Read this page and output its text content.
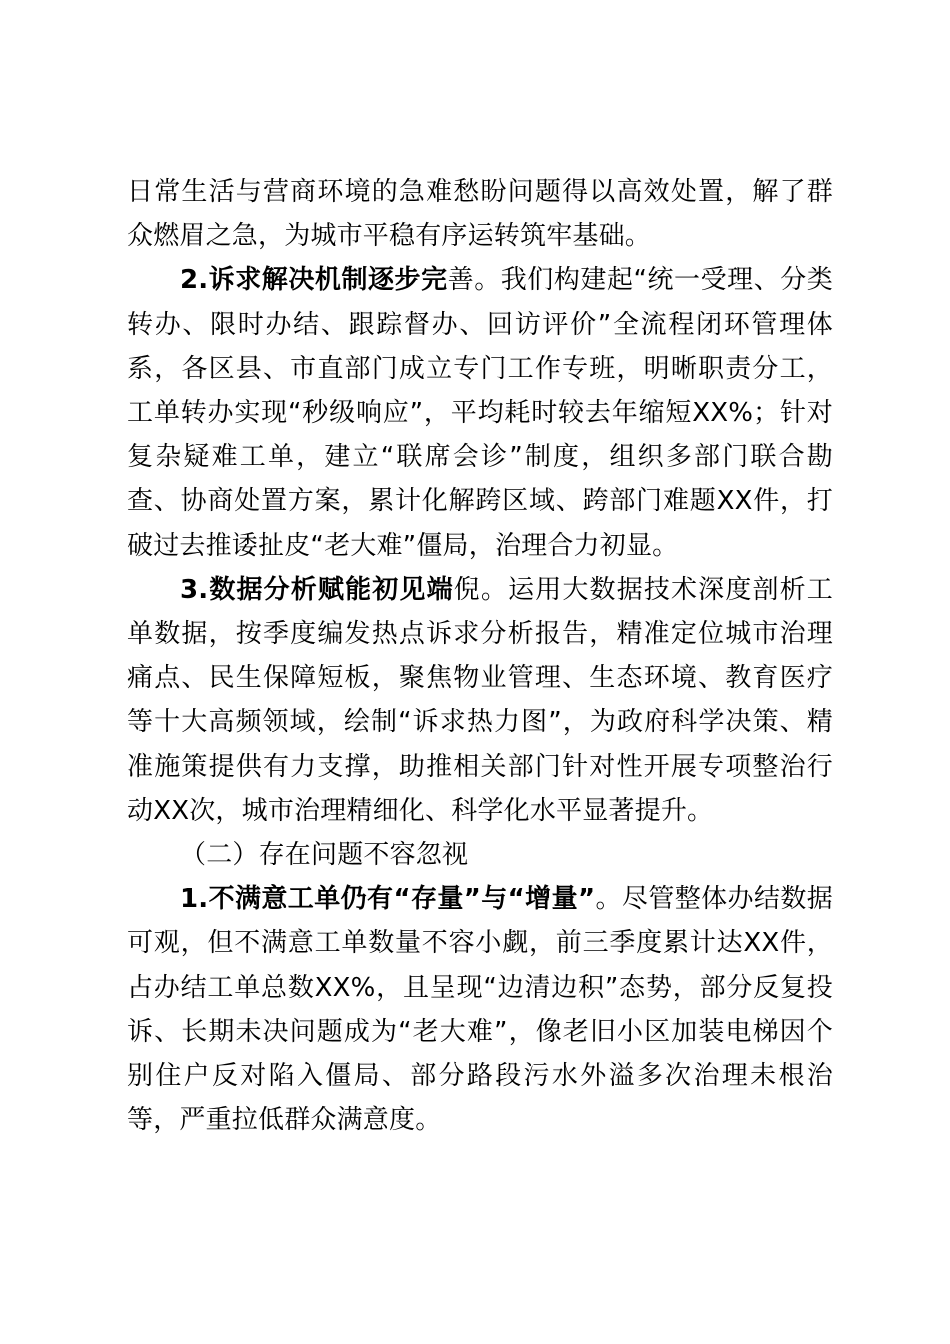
日常生活与营商环境的急难愁盼问题得以高效处置，解了群众燃眉之急，为城市平稳有序运转筑牢基础。

2.诉求解决机制逐步完善。我们构建起“统一受理、分类转办、限时办结、跟踪督办、回访评价”全流程闭环管理体系，各区县、市直部门成立专门工作专班，明晰职责分工，工单转办实现“秒级响应”，平均耗时较去年缩短XX%；针对复杂疑难工单，建立“联席会诊”制度，组织多部门联合勘查、协商处置方案，累计化解跨区域、跨部门难题XX件，打破过去推诿扯皮“老大难”僵局，治理合力初显。

3.数据分析赋能初见端倪。运用大数据技术深度剖析工单数据，按季度编发热点诉求分析报告，精准定位城市治理痛点、民生保障短板，聚焦物业管理、生态环境、教育医疗等十大高频领域，绘制“诉求热力图”，为政府科学决策、精准施策提供有力支撑，助推相关部门针对性开展专项整治行动XX次，城市治理精细化、科学化水平显著提升。

（二）存在问题不容忽视

1.不满意工单仍有“存量”与“增量”。尽管整体办结数据可观，但不满意工单数量不容小觑，前三季度累计达XX件，占办结工单总数XX%，且呈现“边清边积”态势，部分反复投诉、长期未决问题成为“老大难”，像老旧小区加装电梯因个别住户反对陷入僵局、部分路段污水外溢多次治理未根治等，严重拉低群众满意度。
